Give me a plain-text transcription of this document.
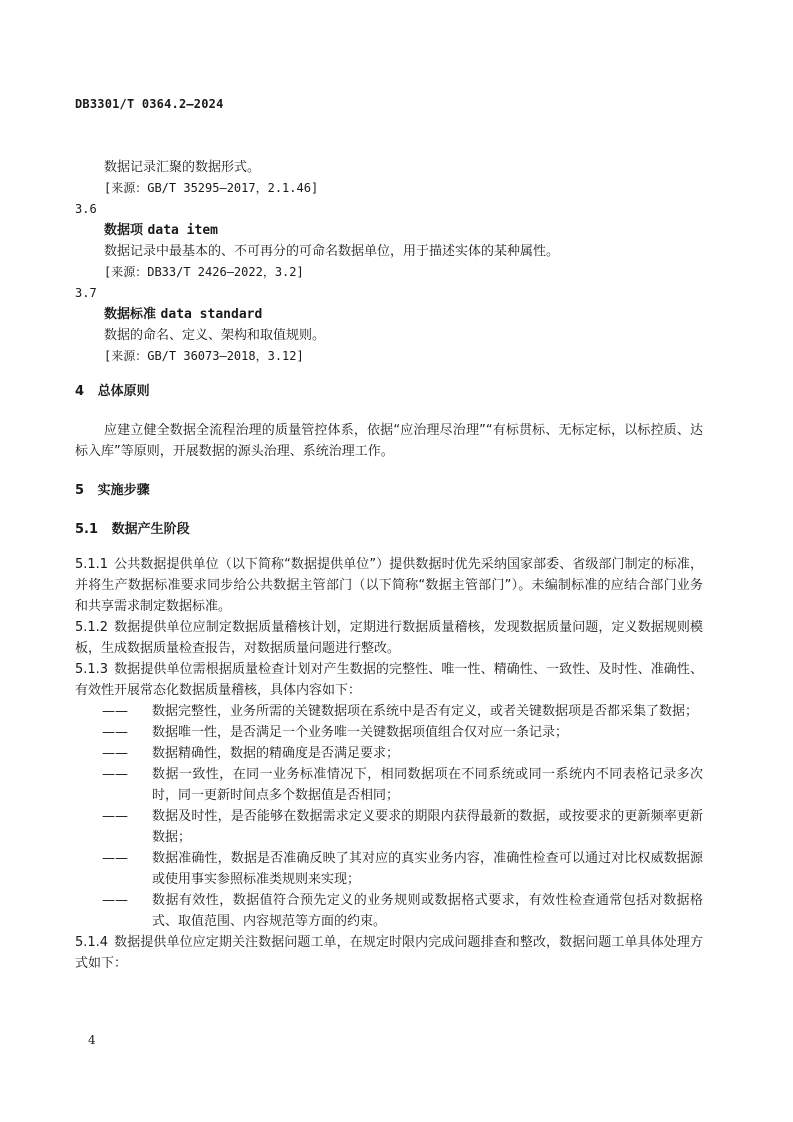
DB3301/T 0364.2—2024
数据记录汇聚的数据形式。
[来源：GB/T 35295—2017，2.1.46]
3.6
数据项 data item
数据记录中最基本的、不可再分的可命名数据单位，用于描述实体的某种属性。
[来源：DB33/T 2426—2022，3.2]
3.7
数据标准 data standard
数据的命名、定义、架构和取值规则。
[来源：GB/T 36073—2018，3.12]
4 总体原则
应建立健全数据全流程治理的质量管控体系，依据“应治理尽治理”“有标贯标、无标定标，以标控质、达标入库”等原则，开展数据的源头治理、系统治理工作。
5 实施步骤
5.1 数据产生阶段
5.1.1 公共数据提供单位（以下简称“数据提供单位”）提供数据时优先采纳国家部委、省级部门制定的标准，并将生产数据标准要求同步给公共数据主管部门（以下简称“数据主管部门”）。未编制标准的应结合部门业务和共享需求制定数据标准。
5.1.2 数据提供单位应制定数据质量稽核计划，定期进行数据质量稽核，发现数据质量问题，定义数据规则模板，生成数据质量检查报告，对数据质量问题进行整改。
5.1.3 数据提供单位需根据质量检查计划对产生数据的完整性、唯一性、精确性、一致性、及时性、准确性、有效性开展常态化数据质量稽核，具体内容如下：
—— 数据完整性，业务所需的关键数据项在系统中是否有定义，或者关键数据项是否都采集了数据；
—— 数据唯一性，是否满足一个业务唯一关键数据项值组合仅对应一条记录；
—— 数据精确性，数据的精确度是否满足要求；
—— 数据一致性，在同一业务标准情况下，相同数据项在不同系统或同一系统内不同表格记录多次时，同一更新时间点多个数据值是否相同；
—— 数据及时性，是否能够在数据需求定义要求的期限内获得最新的数据，或按要求的更新频率更新数据；
—— 数据准确性，数据是否准确反映了其对应的真实业务内容，准确性检查可以通过对比权威数据源或使用事实参照标准类规则来实现；
—— 数据有效性，数据值符合预先定义的业务规则或数据格式要求，有效性检查通常包括对数据格式、取值范围、内容规范等方面的约束。
5.1.4 数据提供单位应定期关注数据问题工单，在规定时限内完成问题排查和整改，数据问题工单具体处理方式如下：
4
